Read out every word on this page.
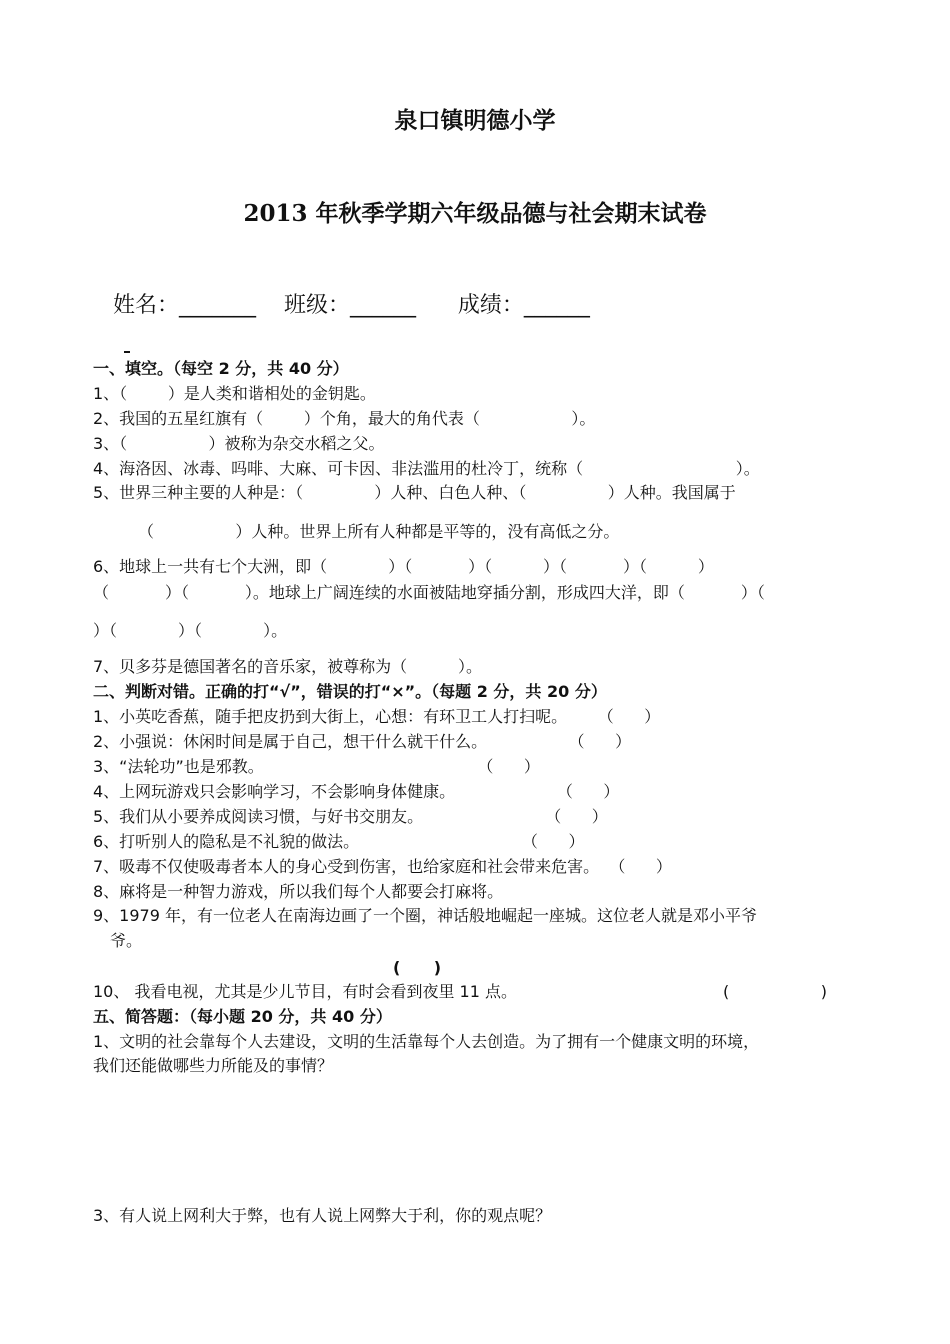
泉口镇明德小学
2013 年秋季学期六年级品德与社会期末试卷
姓名：_______    班级：______      成绩：______
一、填空。（每空 2 分，共 40 分）
1、（        ）是人类和谐相处的金钥匙。
2、我国的五星红旗有（        ）个角，最大的角代表（                  ）。
3、（                ）被称为杂交水稻之父。
4、海洛因、冰毒、吗啡、大麻、可卡因、非法滥用的杜冷丁，统称（                              ）。
5、世界三种主要的人种是：（              ）人种、白色人种、（                ）人种。我国属于
（                ）人种。世界上所有人种都是平等的，没有高低之分。
6、地球上一共有七个大洲，即（            ）（           ）（          ）（           ）（          ）
（           ）（           ）。地球上广阔连续的水面被陆地穿插分割，形成四大洋，即（           ）（
）（            ）（            ）。
7、贝多芬是德国著名的音乐家，被尊称为（          ）。
二、判断对错。正确的打“√”，错误的打“×”。（每题 2 分，共 20 分）
1、小英吃香蕉，随手把皮扔到大街上，心想：有环卫工人打扫呢。      （      ）
2、小强说：休闲时间是属于自己，想干什么就干什么。                （      ）
3、“法轮功”也是邪教。                                          （      ）
4、上网玩游戏只会影响学习，不会影响身体健康。                    （      ）
5、我们从小要养成阅读习惯，与好书交朋友。                        （      ）
6、打听别人的隐私是不礼貌的做法。                                （      ）
7、吸毒不仅使吸毒者本人的身心受到伤害，也给家庭和社会带来危害。  （      ）
8、麻将是一种智力游戏，所以我们每个人都要会打麻将。
9、1979 年，有一位老人在南海边画了一个圈，神话般地崛起一座城。这位老人就是邓小平爷
爷。
(      )
10、 我看电视，尤其是少儿节目，有时会看到夜里 11 点。	(                  )
五、简答题：（每小题 20 分，共 40 分）
1、文明的社会靠每个人去建设，文明的生活靠每个人去创造。为了拥有一个健康文明的环境，
我们还能做哪些力所能及的事情？
3、有人说上网利大于弊，也有人说上网弊大于利，你的观点呢？
